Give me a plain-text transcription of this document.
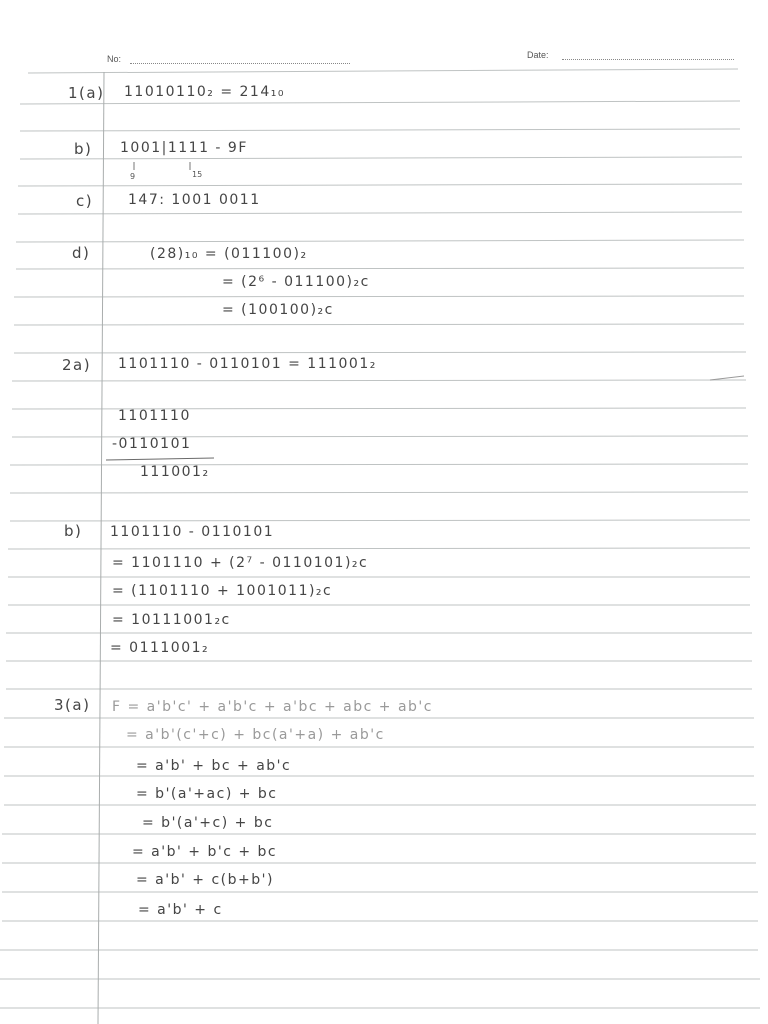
No:	Date:
1(a) 11010110₂ = 214₁₀
b) 1001|1111 - 9F
9	15
c) 147: 1001 0011
d)	(28)₁₀ = (011100)₂
= (2⁶ - 011100)₂c
= (100100)₂c
2a) 1101110 - 0110101 = 111001₂
1101110
-0110101
111001₂
b) 1101110 - 0110101
= 1101110 + (2⁷ - 0110101)₂c
= (1101110 + 1001011)₂c
= 10111001₂c
= 0111001₂
3(a) F = a'b'c' + a'b'c + a'bc + abc + ab'c
= a'b'(c'+c) + bc(a'+a) + ab'c
= a'b' + bc + ab'c
= b'(a'+ac) + bc
= b'(a'+c) + bc
= a'b' + b'c + bc
= a'b' + c(b+b')
= a'b' + c
